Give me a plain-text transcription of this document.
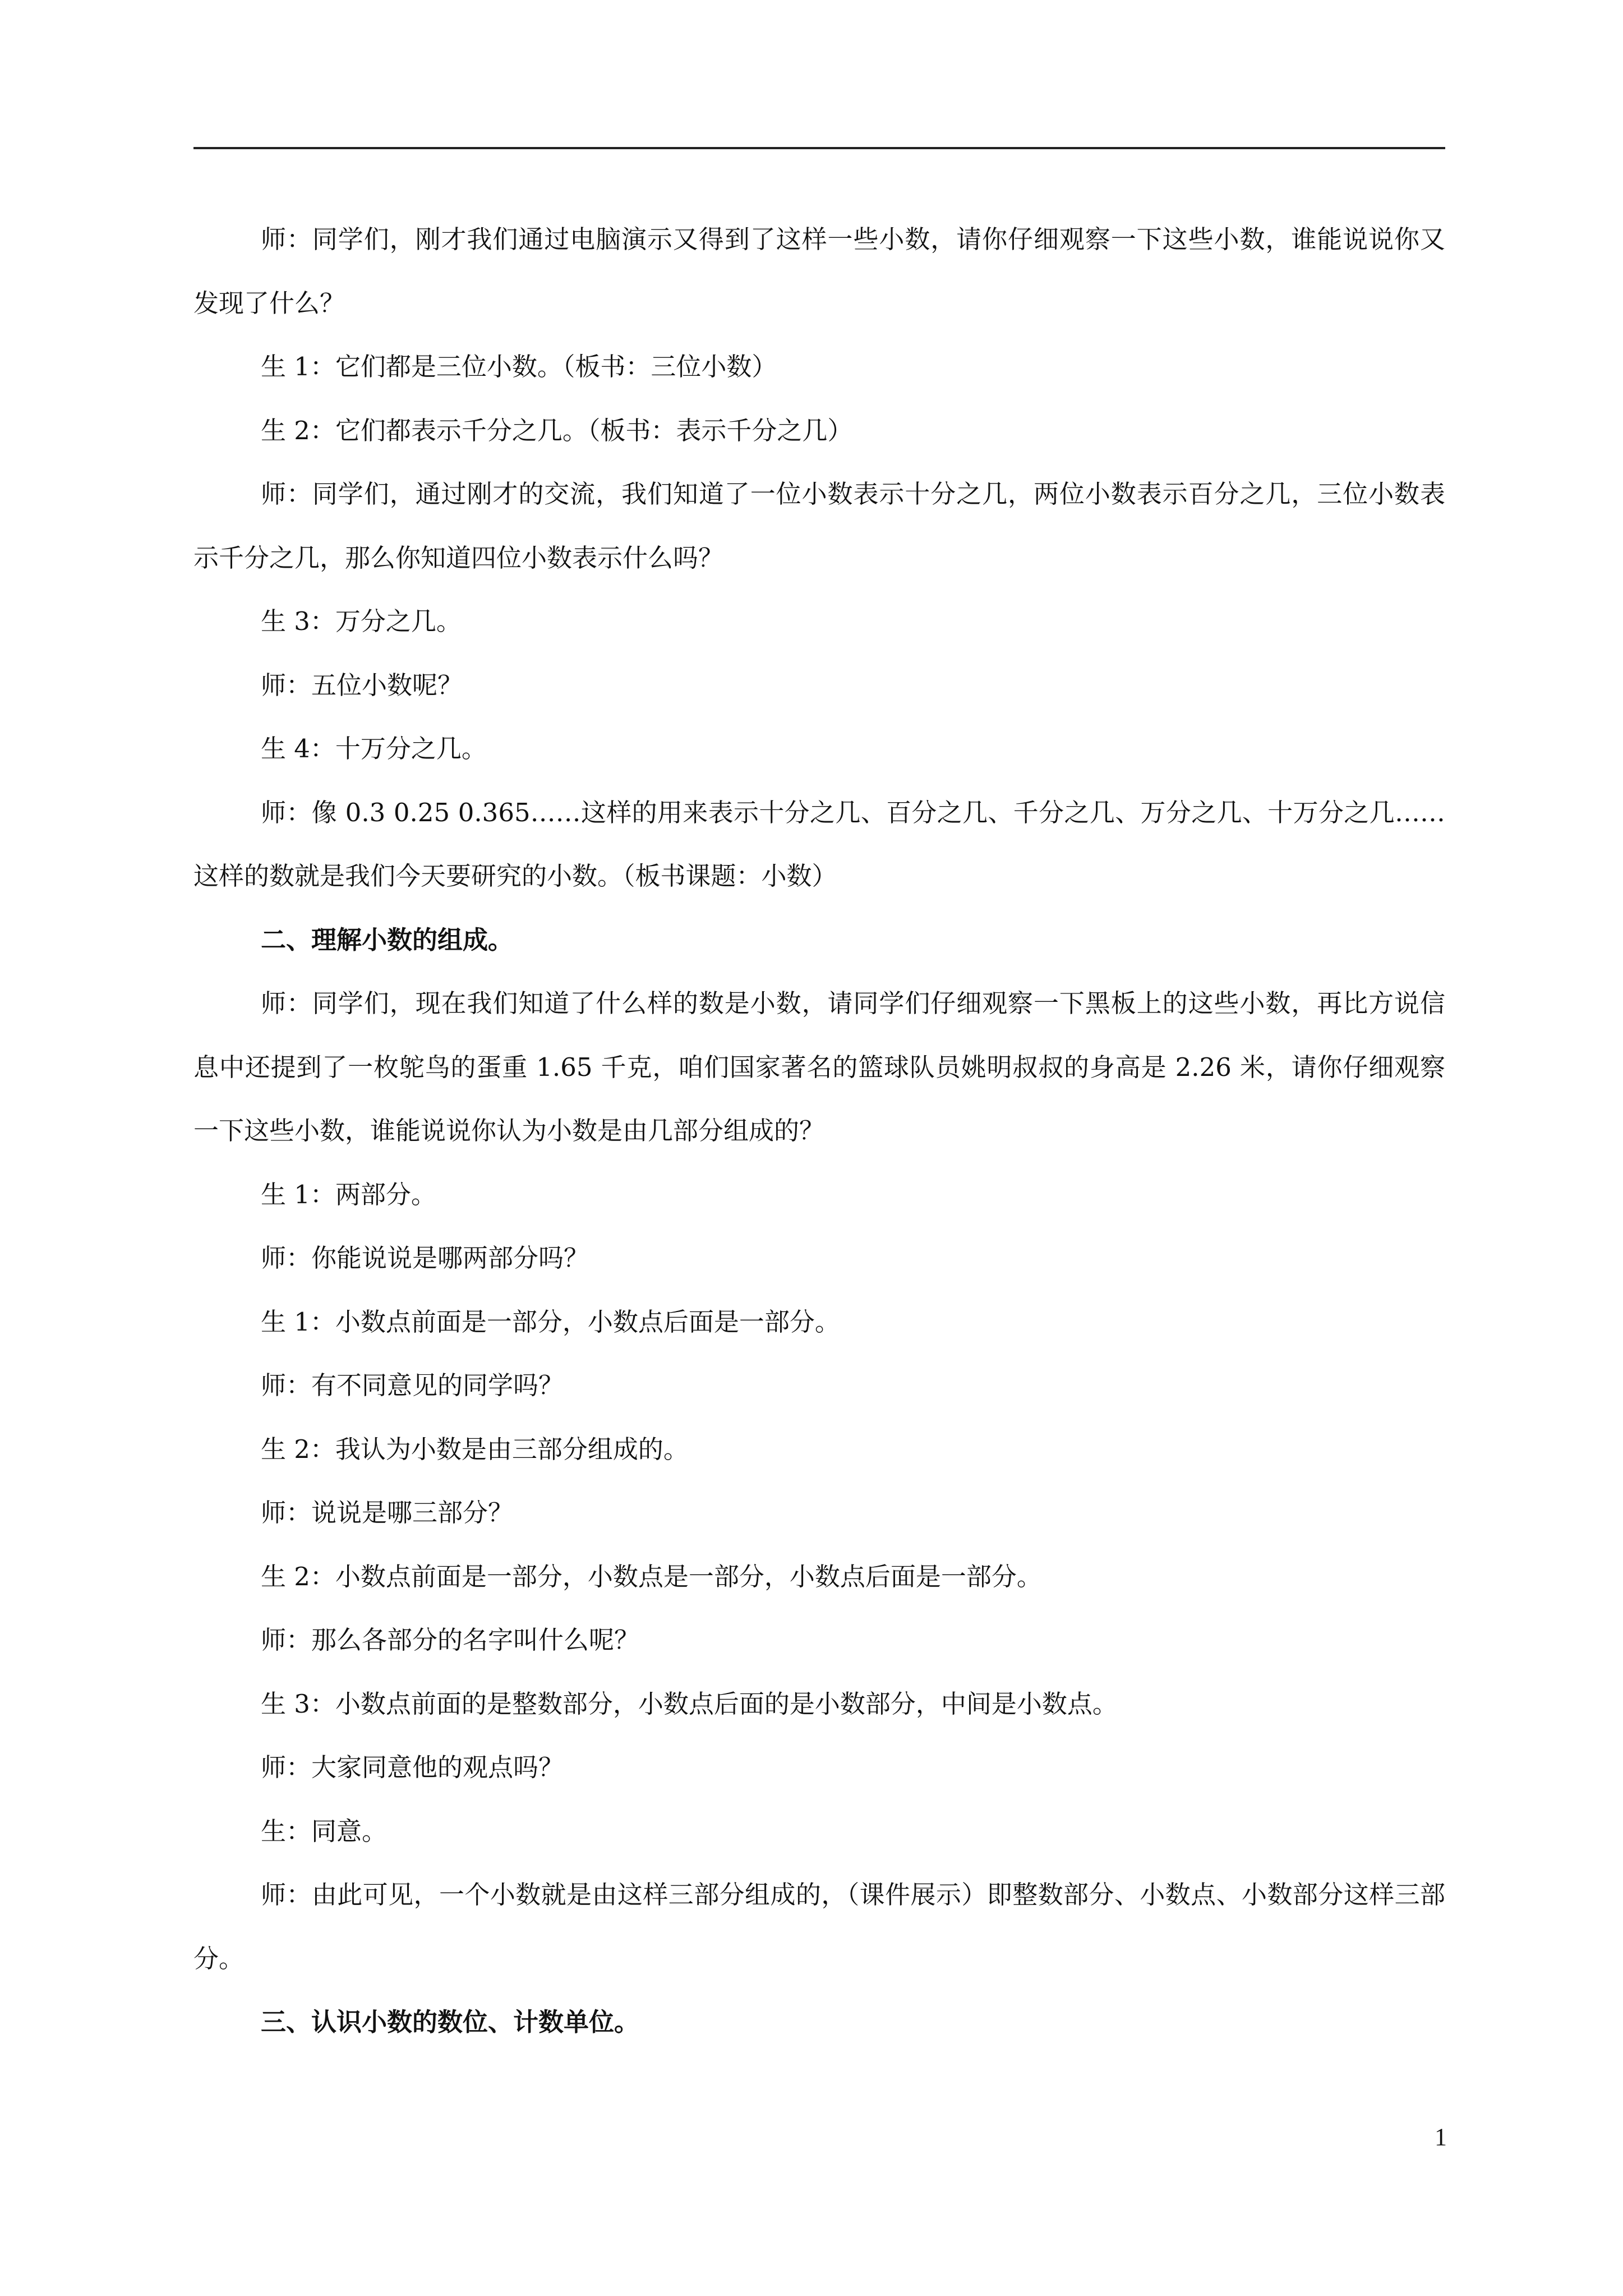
师：同学们，刚才我们通过电脑演示又得到了这样一些小数，请你仔细观察一下这些小数，谁能说说你又发现了什么？

生 1：它们都是三位小数。（板书：三位小数）

生 2：它们都表示千分之几。（板书：表示千分之几）

师：同学们，通过刚才的交流，我们知道了一位小数表示十分之几，两位小数表示百分之几，三位小数表示千分之几，那么你知道四位小数表示什么吗？

生 3：万分之几。

师：五位小数呢？

生 4：十万分之几。

师：像 0.3 0.25 0.365……这样的用来表示十分之几、百分之几、千分之几、万分之几、十万分之几……这样的数就是我们今天要研究的小数。（板书课题：小数）

二、理解小数的组成。

师：同学们，现在我们知道了什么样的数是小数，请同学们仔细观察一下黑板上的这些小数，再比方说信息中还提到了一枚鸵鸟的蛋重 1.65 千克，咱们国家著名的篮球队员姚明叔叔的身高是 2.26 米，请你仔细观察一下这些小数，谁能说说你认为小数是由几部分组成的？

生 1：两部分。

师：你能说说是哪两部分吗？

生 1：小数点前面是一部分，小数点后面是一部分。

师：有不同意见的同学吗？

生 2：我认为小数是由三部分组成的。

师：说说是哪三部分？

生 2：小数点前面是一部分，小数点是一部分，小数点后面是一部分。

师：那么各部分的名字叫什么呢？

生 3：小数点前面的是整数部分，小数点后面的是小数部分，中间是小数点。

师：大家同意他的观点吗？

生：同意。

师：由此可见，一个小数就是由这样三部分组成的，（课件展示）即整数部分、小数点、小数部分这样三部分。

三、认识小数的数位、计数单位。

1
